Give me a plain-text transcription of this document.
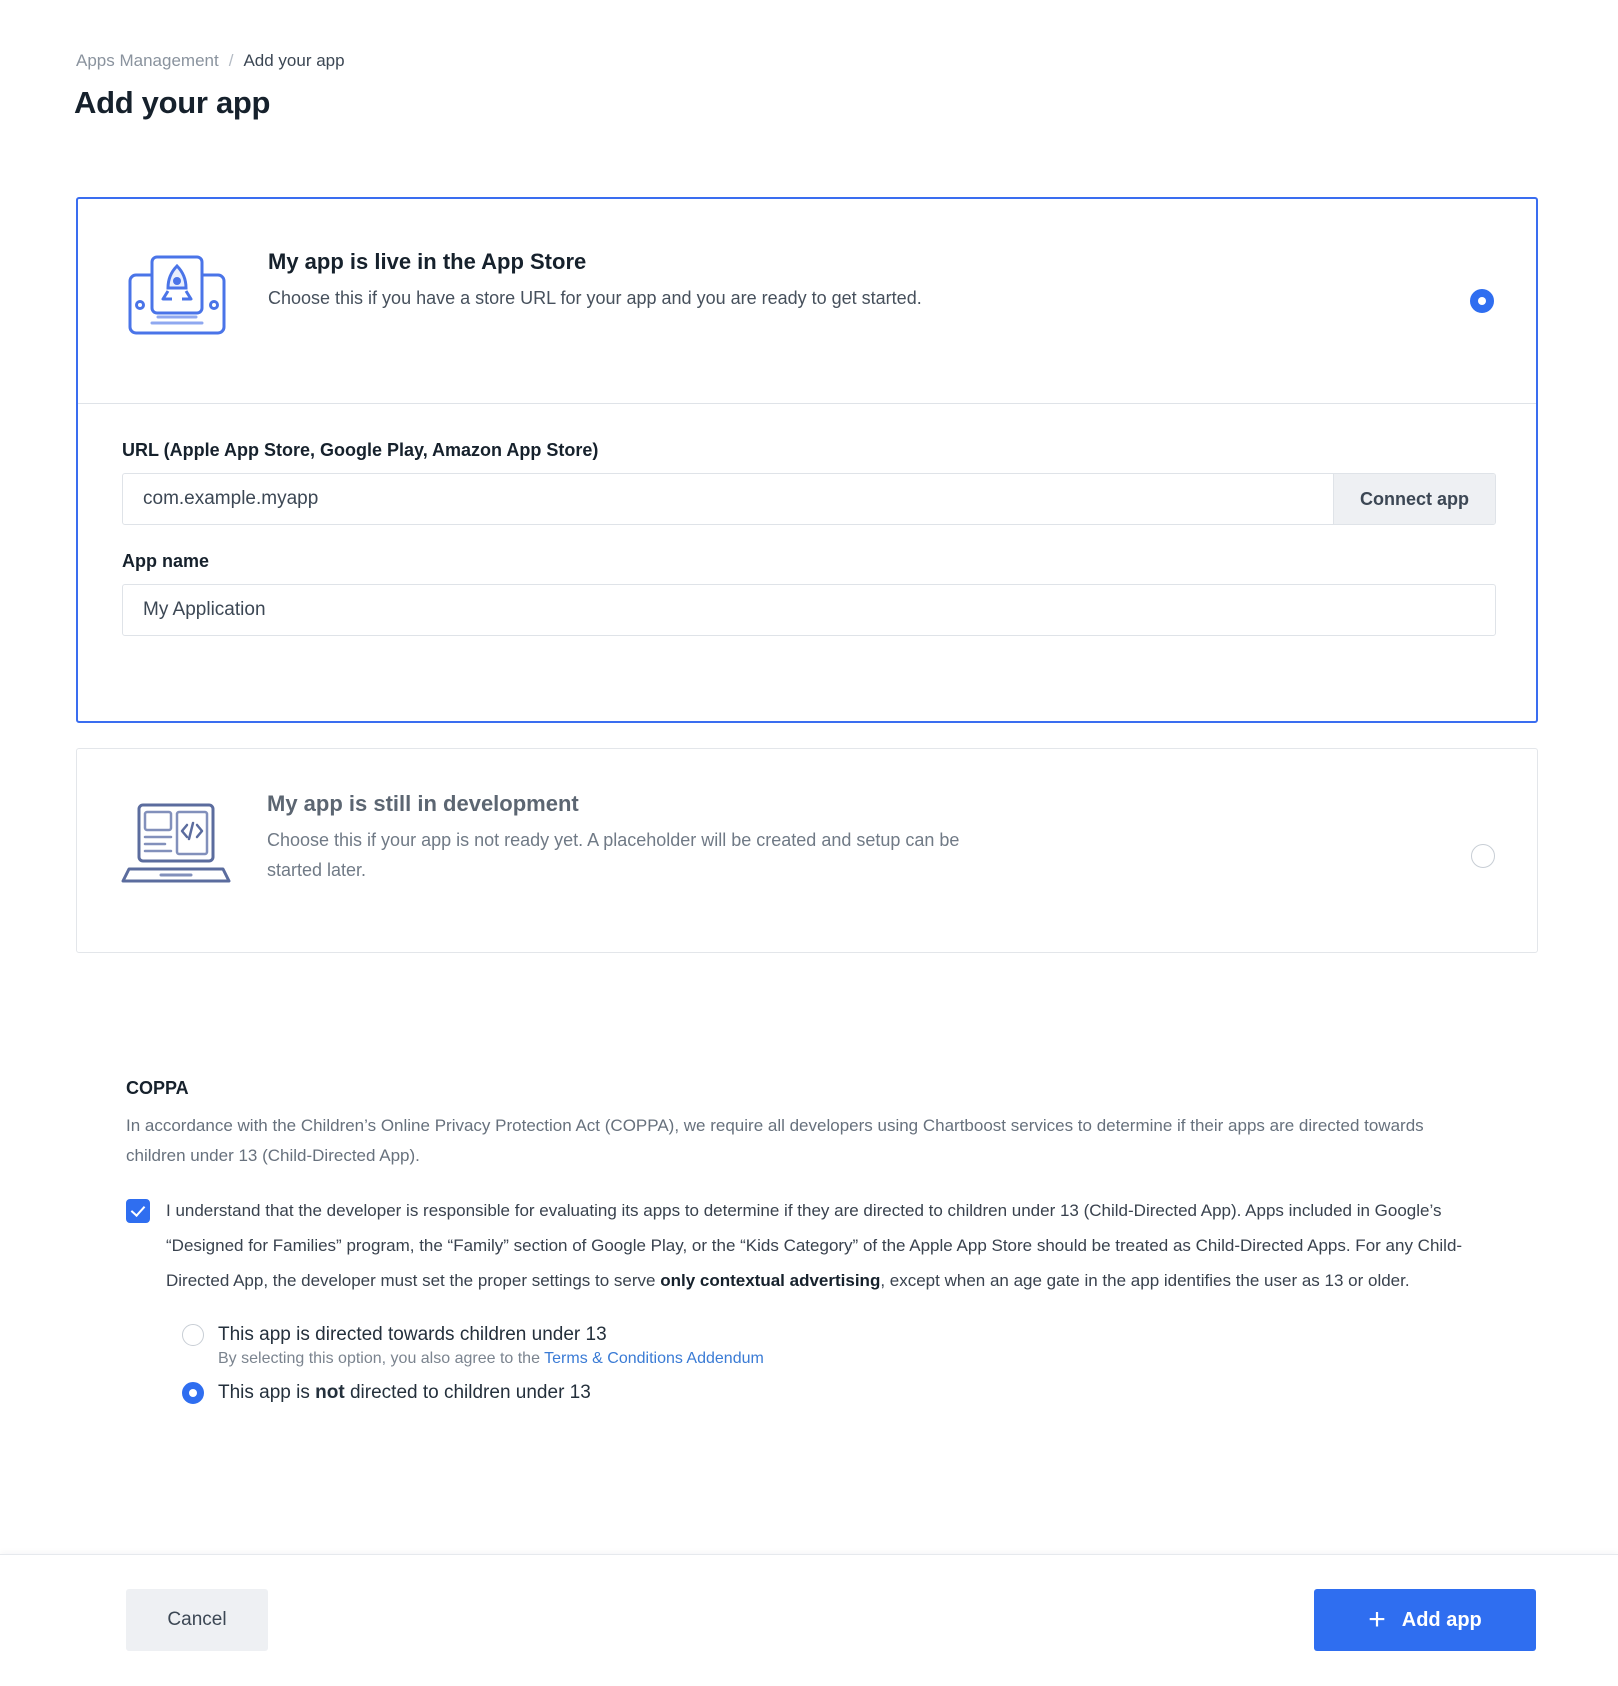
Apps Management / Add your app
Add your app
My app is live in the App Store
Choose this if you have a store URL for your app and you are ready to get started.
URL (Apple App Store, Google Play, Amazon App Store)
com.example.myapp
Connect app
App name
My Application
My app is still in development
Choose this if your app is not ready yet. A placeholder will be created and setup can be started later.
COPPA
In accordance with the Children’s Online Privacy Protection Act (COPPA), we require all developers using Chartboost services to determine if their apps are directed towards children under 13 (Child-Directed App).
I understand that the developer is responsible for evaluating its apps to determine if they are directed to children under 13 (Child-Directed App). Apps included in Google’s “Designed for Families” program, the “Family” section of Google Play, or the “Kids Category” of the Apple App Store should be treated as Child-Directed Apps. For any Child-Directed App, the developer must set the proper settings to serve only contextual advertising, except when an age gate in the app identifies the user as 13 or older.
This app is directed towards children under 13
By selecting this option, you also agree to the Terms & Conditions Addendum
This app is not directed to children under 13
Cancel	+ Add app
